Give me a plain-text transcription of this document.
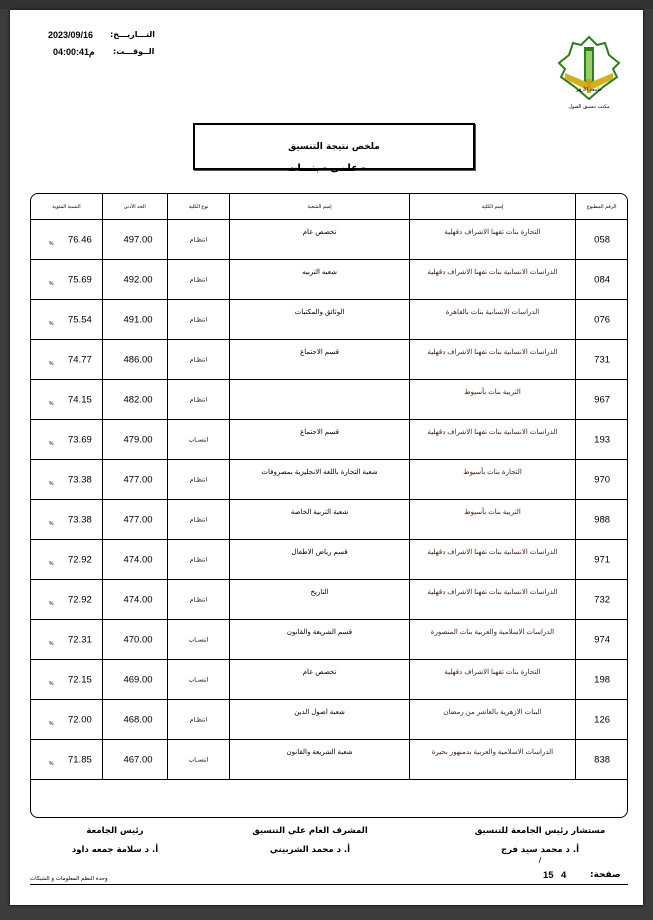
2023/09/16 التـــاريـــخ:
04:00:41م الــوقـــت:
جامعة الأزهر
مكتب تنسيق القبول
ملخص نتيجة التنسيق
- علمى - بنـــات
الرقم المطبوع
إسم الكلية
إسم الشعبة
نوع الكلية
الحد الأدنى
النسبة المئوية
058
التجارة بنات تفهنا الاشراف دقهلية
تخصص عام
انتظـام
497.00
% 76.46
084
الدراسات الانسانية بنات تفهنا الاشراف دقهلية
شعبه التربيه
انتظـام
492.00
% 75.69
076
الدراسات الانسانية بنات بالقاهرة
الوثائق والمكتبات
انتظـام
491.00
% 75.54
731
الدراسات الانسانية بنات تفهنا الاشراف دقهلية
قسم الاجتماع
انتظـام
486.00
% 74.77
967
التربية بنات بأسيوط
انتظـام
482.00
% 74.15
193
الدراسات الانسانية بنات تفهنا الاشراف دقهلية
قسم الاجتماع
انتسـاب
479.00
% 73.69
970
التجارة بنات بأسيوط
شعبة التجارة باللغة الانجليزية بمصروفات
انتظـام
477.00
% 73.38
988
التربية بنات بأسيوط
شعبة التربية الخاصة
انتظـام
477.00
% 73.38
971
الدراسات الانسانية بنات تفهنا الاشراف دقهلية
قسم رياض الاطفال
انتظـام
474.00
% 72.92
732
الدراسات الانسانية بنات تفهنا الاشراف دقهلية
التاريخ
انتظـام
474.00
% 72.92
974
الدراسات الاسلامية والعربية بنات المنصورة
قسم الشريعة والقانون
انتسـاب
470.00
% 72.31
198
التجارة بنات تفهنا الاشراف دقهلية
تخصص عام
انتسـاب
469.00
% 72.15
126
البنات الازهرية بالعاشر من رمضان
شعبة اصول الدين
انتظـام
468.00
% 72.00
838
الدراسات الاسلامية والعربية بدمنهور بحيرة
شعبة الشريعة والقانون
انتسـاب
467.00
% 71.85
مستشار رئيس الجامعة للتنسيق
أ. د محمد سيد فرج
/
المشرف العام علي التنسيق
أ. د محمد الشربيني
رئيس الجامعة
أ. د سلامة جمعه داود
صفحة:
4
15
وحدة النظم المعلومات و الشبكات
